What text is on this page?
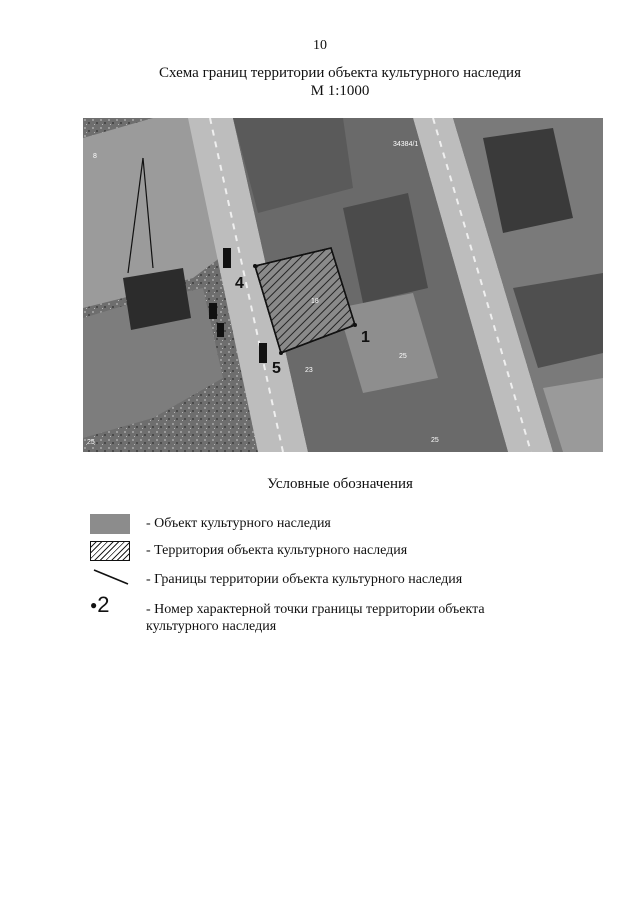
10
Схема границ территории объекта культурного наследия
М 1:1000
4
1
5
34384/1
18
23
8
25
25	25
Условные обозначения
- Объект культурного наследия
- Территория объекта культурного наследия
- Границы территории объекта культурного наследия
●2	- Номер характерной точки границы территории объекта культурного наследия
